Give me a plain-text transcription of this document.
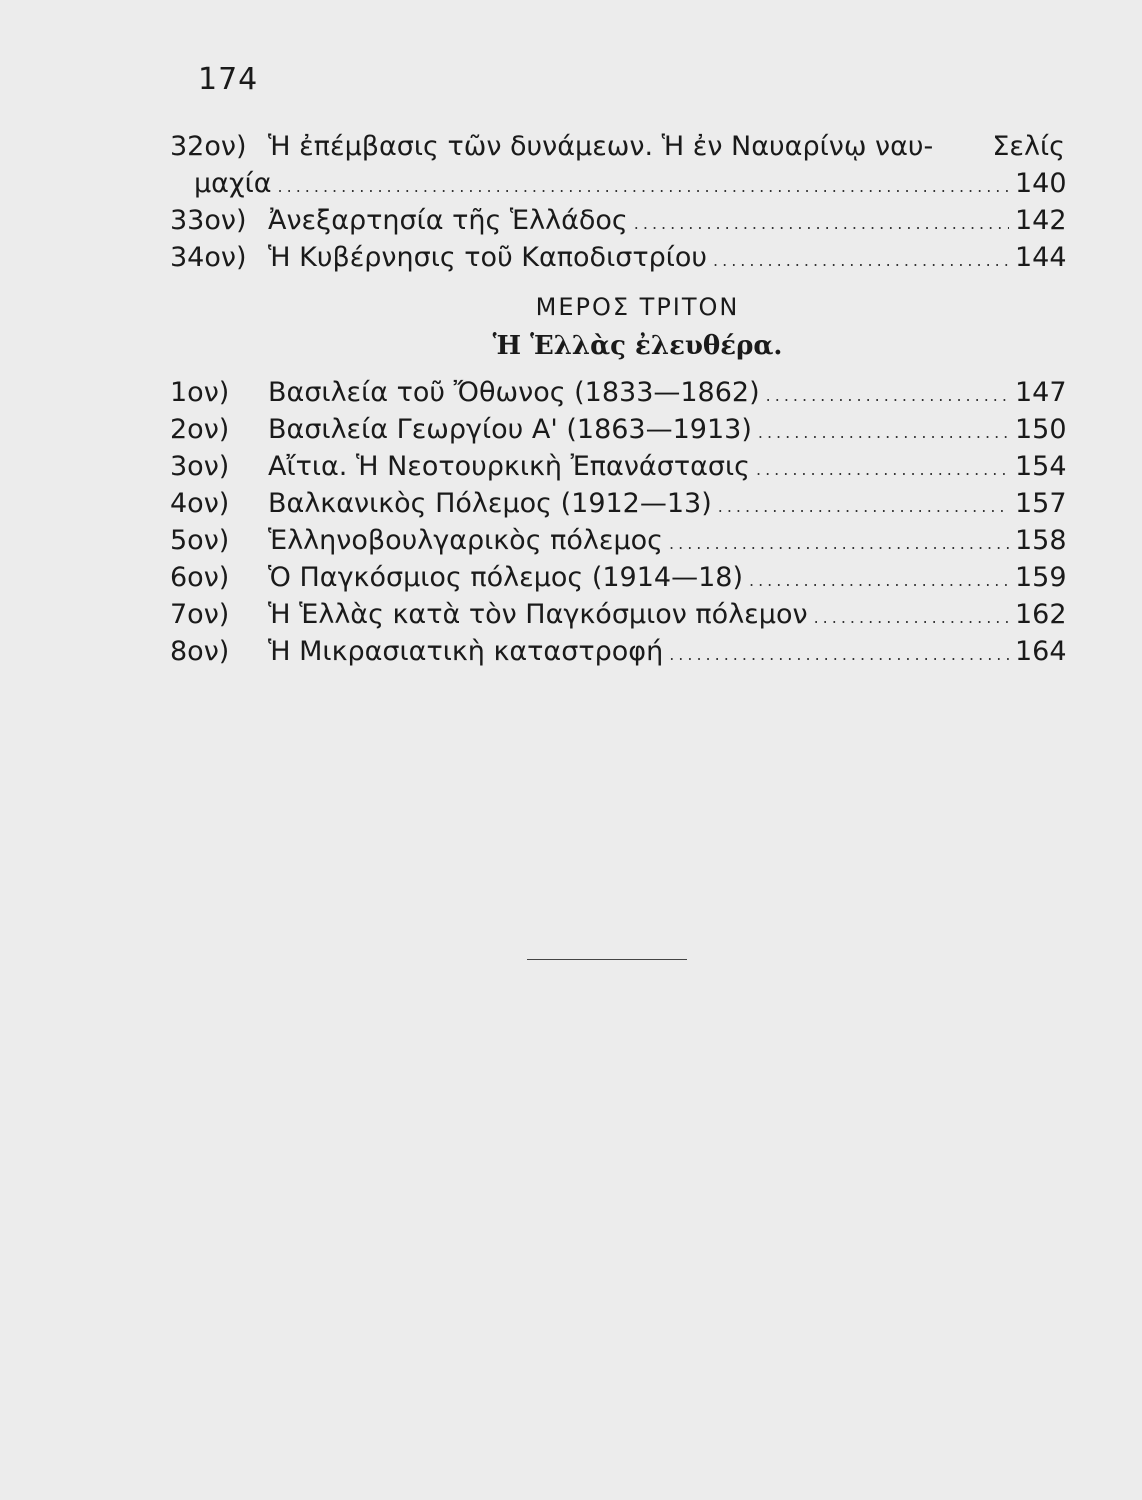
174
32ον) Ἡ ἐπέμβασις τῶν δυνάμεων. Ἡ ἐν Ναυαρίνῳ ναυ-	Σελίς
μαχία .....	140
33ον) Ἀνεξαρτησία τῆς Ἑλλάδος .....	142
34ον) Ἡ Κυβέρνησις τοῦ Καποδιστρίου .....	144
ΜΕΡΟΣ ΤΡΙΤΟΝ
Ἡ Ἑλλὰς ἐλευθέρα.
1ον)	Βασιλεία τοῦ Ὄθωνος (1833—1862) .....	147
2ον)	Βασιλεία Γεωργίου Α' (1863—1913) .....	150
3ον)	Αἴτια. Ἡ Νεοτουρκικὴ Ἐπανάστασις .....	154
4ον)	Βαλκανικὸς Πόλεμος (1912—13) .....	157
5ον)	Ἑλληνοβουλγαρικὸς πόλεμος .....	158
6ον)	Ὁ Παγκόσμιος πόλεμος (1914—18) .....	159
7ον)	Ἡ Ἑλλὰς κατὰ τὸν Παγκόσμιον πόλεμον .....	162
8ον)	Ἡ Μικρασιατικὴ καταστροφή .....	164
